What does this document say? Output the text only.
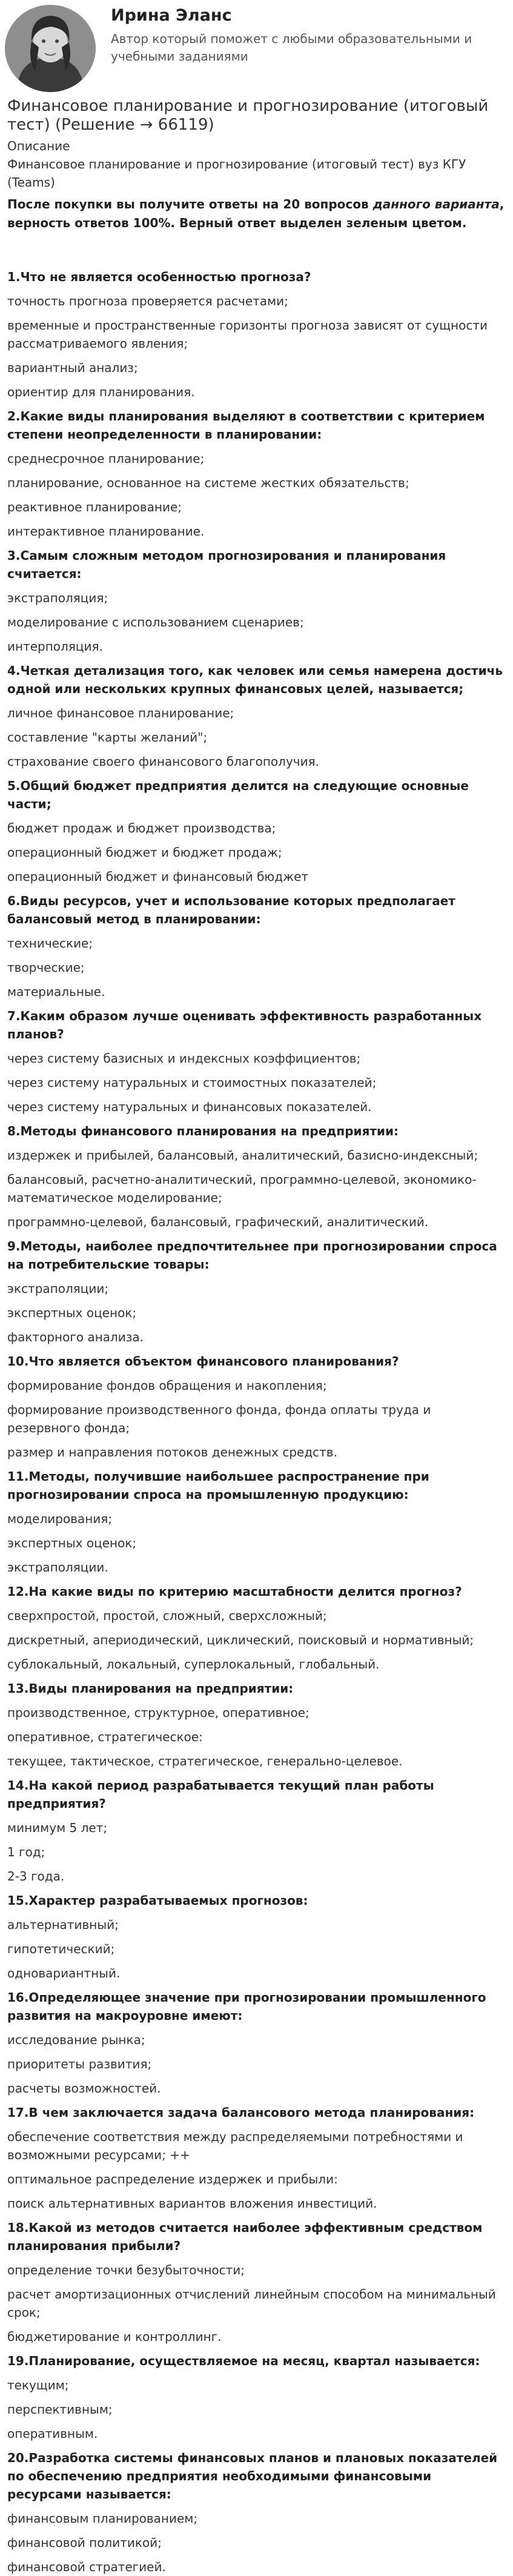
Ирина Эланс
Автор который поможет с любыми образовательными и учебными заданиями
Финансовое планирование и прогнозирование (итоговый тест) (Решение → 66119)
Описание
Финансовое планирование и прогнозирование (итоговый тест) вуз КГУ (Teams)
После покупки вы получите ответы на 20 вопросов данного варианта, верность ответов 100%. Верный ответ выделен зеленым цветом.
1.Что не является особенностью прогноза?
точность прогноза проверяется расчетами;
временные и пространственные горизонты прогноза зависят от сущности рассматриваемого явления;
вариантный анализ;
ориентир для планирования.
2.Какие виды планирования выделяют в соответствии с критерием степени неопределенности в планировании:
среднесрочное планирование;
планирование, основанное на системе жестких обязательств;
реактивное планирование;
интерактивное планирование.
3.Самым сложным методом прогнозирования и планирования считается:
экстраполяция;
моделирование с использованием сценариев;
интерполяция.
4.Четкая детализация того, как человек или семья намерена достичь одной или нескольких крупных финансовых целей, называется;
личное финансовое планирование;
составление "карты желаний";
страхование своего финансового благополучия.
5.Общий бюджет предприятия делится на следующие основные части;
бюджет продаж и бюджет производства;
операционный бюджет и бюджет продаж;
операционный бюджет и финансовый бюджет
6.Виды ресурсов, учет и использование которых предполагает балансовый метод в планировании:
технические;
творческие;
материальные.
7.Каким образом лучше оценивать эффективность разработанных планов?
через систему базисных и индексных коэффициентов;
через систему натуральных и стоимостных показателей;
через систему натуральных и финансовых показателей.
8.Методы финансового планирования на предприятии:
издержек и прибылей, балансовый, аналитический, базисно-индексный;
балансовый, расчетно-аналитический, программно-целевой, экономико-математическое моделирование;
программно-целевой, балансовый, графический, аналитический.
9.Методы, наиболее предпочтительнее при прогнозировании спроса на потребительские товары:
экстраполяции;
экспертных оценок;
факторного анализа.
10.Что является объектом финансового планирования?
формирование фондов обращения и накопления;
формирование производственного фонда, фонда оплаты труда и резервного фонда;
размер и направления потоков денежных средств.
11.Методы, получившие наибольшее распространение при прогнозировании спроса на промышленную продукцию:
моделирования;
экспертных оценок;
экстраполяции.
12.На какие виды по критерию масштабности делится прогноз?
сверхпростой, простой, сложный, сверхсложный;
дискретный, апериодический, циклический, поисковый и нормативный;
сублокальный, локальный, суперлокальный, глобальный.
13.Виды планирования на предприятии:
производственное, структурное, оперативное;
оперативное, стратегическое:
текущее, тактическое, стратегическое, генерально-целевое.
14.На какой период разрабатывается текущий план работы предприятия?
минимум 5 лет;
1 год;
2-3 года.
15.Характер разрабатываемых прогнозов:
альтернативный;
гипотетический;
одновариантный.
16.Определяющее значение при прогнозировании промышленного развития на макроуровне имеют:
исследование рынка;
приоритеты развития;
расчеты возможностей.
17.В чем заключается задача балансового метода планирования:
обеспечение соответствия между распределяемыми потребностями и возможными ресурсами; ++
оптимальное распределение издержек и прибыли:
поиск альтернативных вариантов вложения инвестиций.
18.Какой из методов считается наиболее эффективным средством планирования прибыли?
определение точки безубыточности;
расчет амортизационных отчислений линейным способом на минимальный срок;
бюджетирование и контроллинг.
19.Планирование, осуществляемое на месяц, квартал называется:
текущим;
перспективным;
оперативным.
20.Разработка системы финансовых планов и плановых показателей по обеспечению предприятия необходимыми финансовыми ресурсами называется:
финансовым планированием;
финансовой политикой;
финансовой стратегией.
